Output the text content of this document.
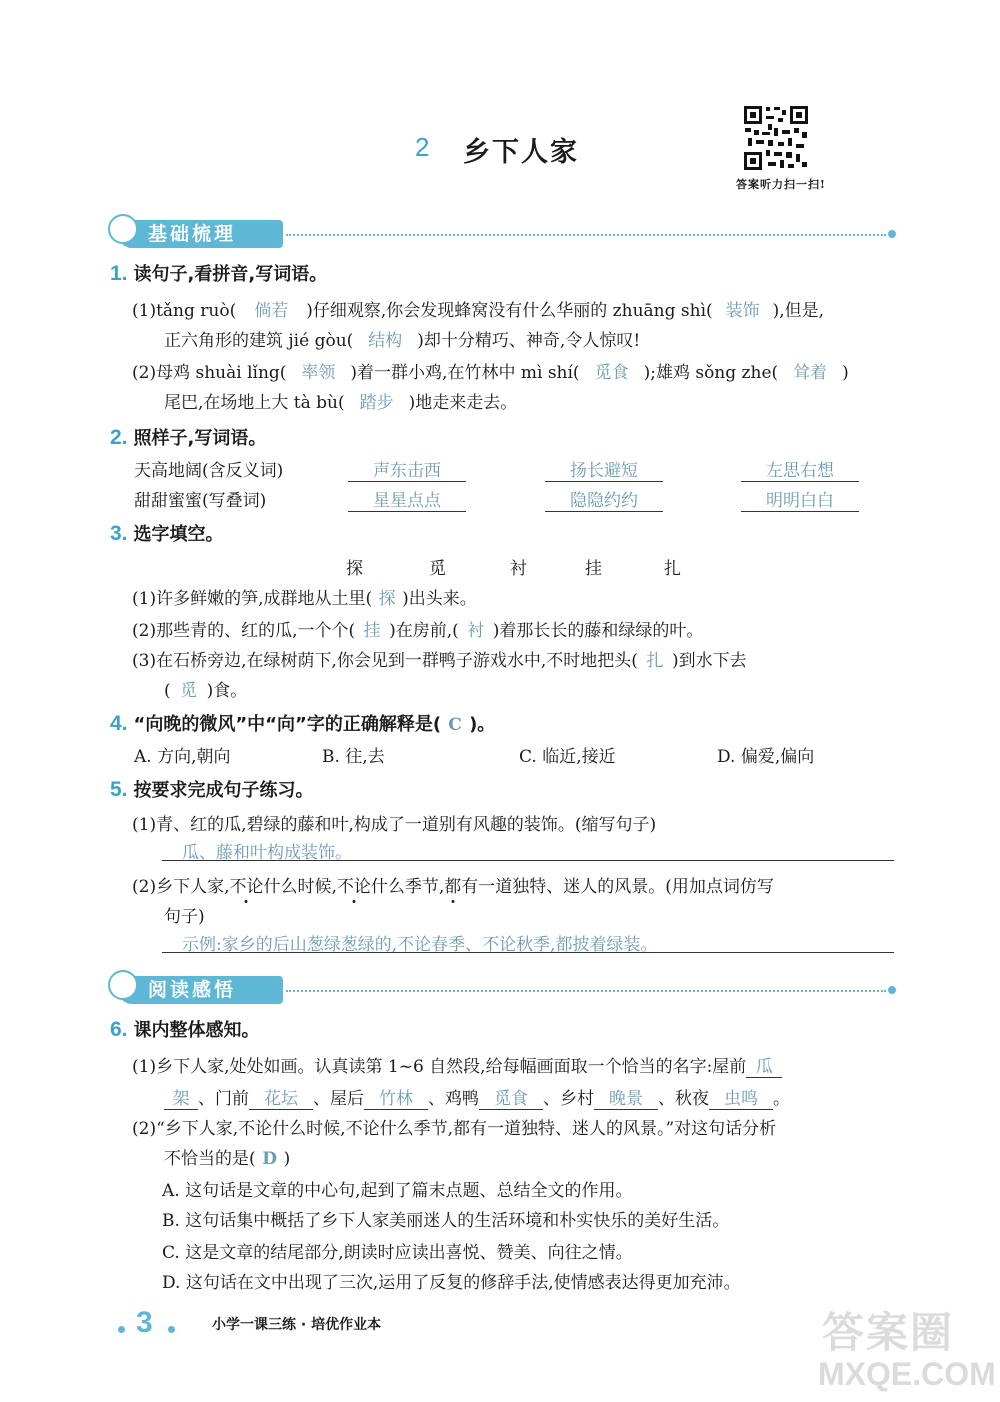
2 乡下人家
答案听力扫一扫!
基础梳理
1. 读句子,看拼音,写词语。
(1)tǎng ruò( 倘若 )仔细观察,你会发现蜂窝没有什么华丽的 zhuāng shì( 装饰 ),但是,
正六角形的建筑 jié gòu( 结构 )却十分精巧、神奇,令人惊叹!
(2)母鸡 shuài lǐng( 率领 )着一群小鸡,在竹林中 mì shí( 觅食 );雄鸡 sǒng zhe( 耸着 )
尾巴,在场地上大 tà bù( 踏步 )地走来走去。
2. 照样子,写词语。
天高地阔(含反义词)	声东击西	扬长避短	左思右想
甜甜蜜蜜(写叠词)	星星点点	隐隐约约	明明白白
3. 选字填空。
探	觅	衬	挂	扎
(1)许多鲜嫩的笋,成群地从土里( 探 )出头来。
(2)那些青的、红的瓜,一个个( 挂 )在房前,( 衬 )着那长长的藤和绿绿的叶。
(3)在石桥旁边,在绿树荫下,你会见到一群鸭子游戏水中,不时地把头( 扎 )到水下去
( 觅 )食。
4. “向晚的微风”中“向”字的正确解释是( C )。
A. 方向,朝向	B. 往,去	C. 临近,接近	D. 偏爱,偏向
5. 按要求完成句子练习。
(1)青、红的瓜,碧绿的藤和叶,构成了一道别有风趣的装饰。(缩写句子)
瓜、藤和叶构成装饰。
(2)乡下人家,不论什么时候,不论什么季节,都有一道独特、迷人的风景。(用加点词仿写
句子)
示例:家乡的后山葱绿葱绿的,不论春季、不论秋季,都披着绿装。
阅读感悟
6. 课内整体感知。
(1)乡下人家,处处如画。认真读第 1~6 自然段,给每幅画面取一个恰当的名字:屋前 瓜
架 、门前 花坛 、屋后 竹林 、鸡鸭 觅食 、乡村 晚景 、秋夜 虫鸣 。
(2)“乡下人家,不论什么时候,不论什么季节,都有一道独特、迷人的风景。”对这句话分析
不恰当的是( D )
A. 这句话是文章的中心句,起到了篇末点题、总结全文的作用。
B. 这句话集中概括了乡下人家美丽迷人的生活环境和朴实快乐的美好生活。
C. 这是文章的结尾部分,朗读时应读出喜悦、赞美、向往之情。
D. 这句话在文中出现了三次,运用了反复的修辞手法,使情感表达得更加充沛。
3	小学一课三练 · 培优作业本	答案圈
MXQE.COM
